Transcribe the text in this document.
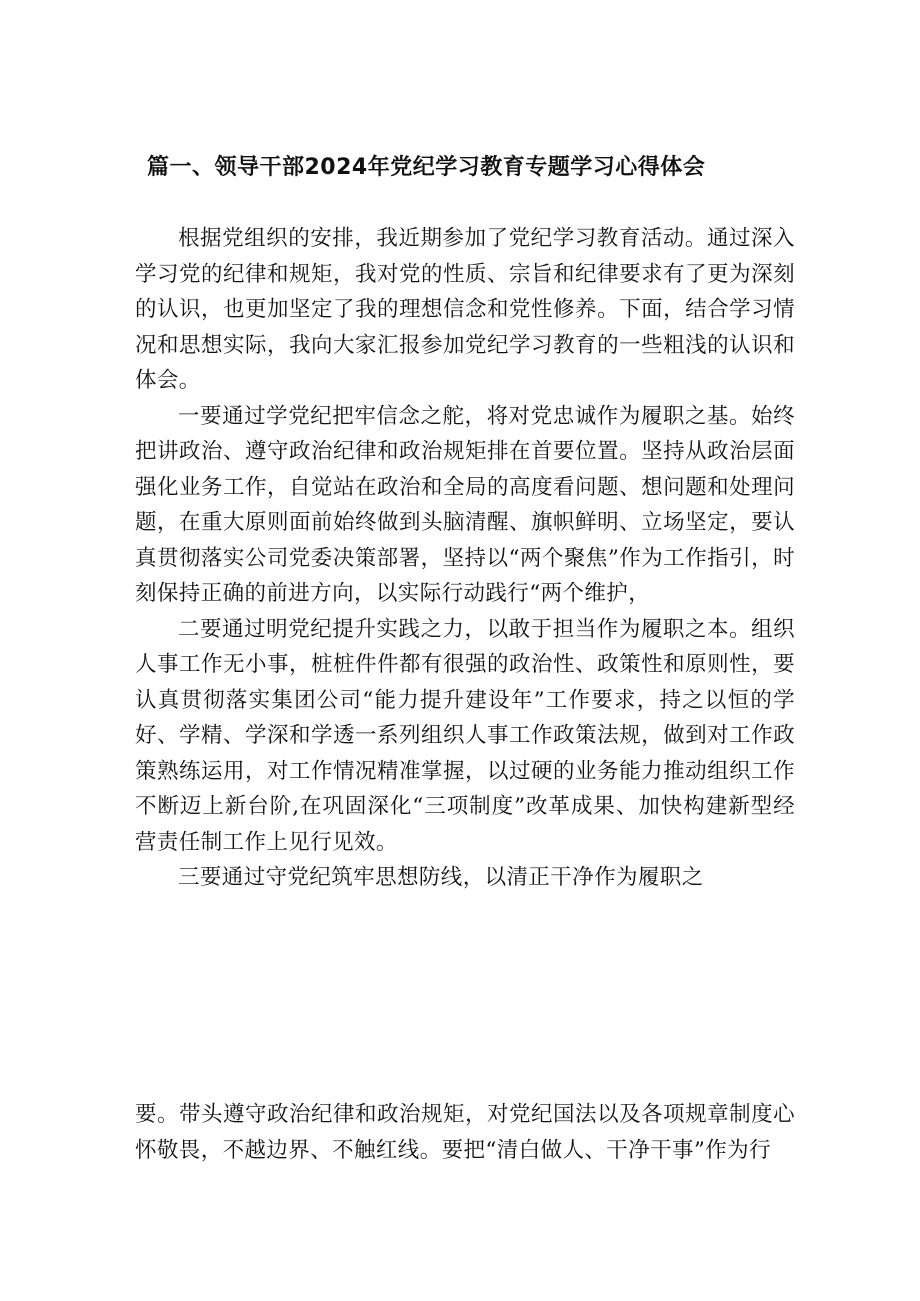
篇一、领导干部2024年党纪学习教育专题学习心得体会

根据党组织的安排，我近期参加了党纪学习教育活动。通过深入学习党的纪律和规矩，我对党的性质、宗旨和纪律要求有了更为深刻的认识，也更加坚定了我的理想信念和党性修养。下面，结合学习情况和思想实际，我向大家汇报参加党纪学习教育的一些粗浅的认识和体会。

一要通过学党纪把牢信念之舵，将对党忠诚作为履职之基。始终把讲政治、遵守政治纪律和政治规矩排在首要位置。坚持从政治层面强化业务工作，自觉站在政治和全局的高度看问题、想问题和处理问题，在重大原则面前始终做到头脑清醒、旗帜鲜明、立场坚定，要认真贯彻落实公司党委决策部署，坚持以“两个聚焦”作为工作指引，时刻保持正确的前进方向，以实际行动践行“两个维护，

二要通过明党纪提升实践之力，以敢于担当作为履职之本。组织人事工作无小事，桩桩件件都有很强的政治性、政策性和原则性，要认真贯彻落实集团公司“能力提升建设年”工作要求，持之以恒的学好、学精、学深和学透一系列组织人事工作政策法规，做到对工作政策熟练运用，对工作情况精准掌握，以过硬的业务能力推动组织工作不断迈上新台阶,在巩固深化“三项制度”改革成果、加快构建新型经营责任制工作上见行见效。

三要通过守党纪筑牢思想防线，以清正干净作为履职之

要。带头遵守政治纪律和政治规矩，对党纪国法以及各项规章制度心怀敬畏，不越边界、不触红线。要把“清白做人、干净干事”作为行
